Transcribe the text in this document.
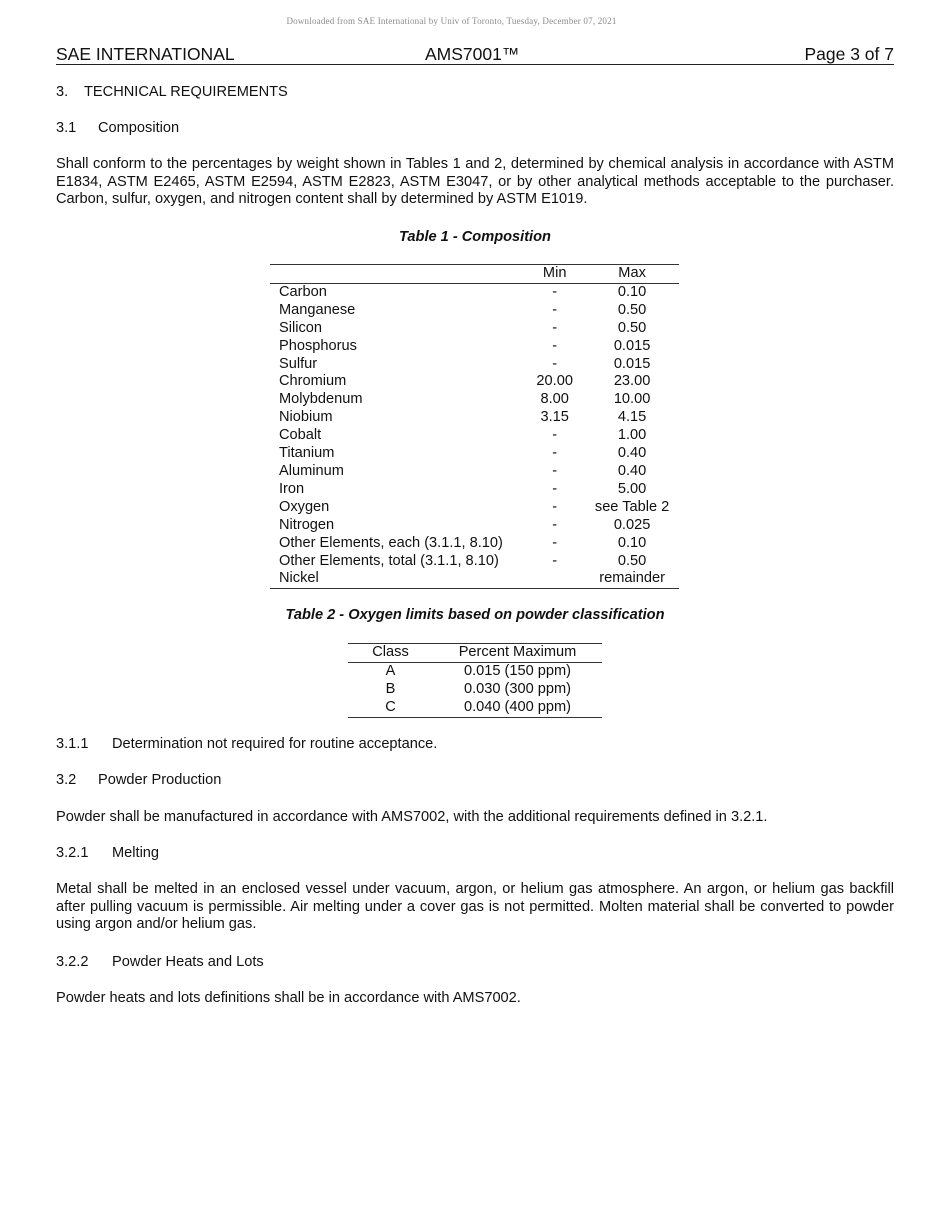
Downloaded from SAE International by Univ of Toronto, Tuesday, December 07, 2021
SAE INTERNATIONAL	AMS7001™	Page 3 of 7
3. TECHNICAL REQUIREMENTS
3.1 Composition
Shall conform to the percentages by weight shown in Tables 1 and 2, determined by chemical analysis in accordance with ASTM E1834, ASTM E2465, ASTM E2594, ASTM E2823, ASTM E3047, or by other analytical methods acceptable to the purchaser. Carbon, sulfur, oxygen, and nitrogen content shall by determined by ASTM E1019.
Table 1 - Composition
	Min	Max
Carbon	-	0.10
Manganese	-	0.50
Silicon	-	0.50
Phosphorus	-	0.015
Sulfur	-	0.015
Chromium	20.00	23.00
Molybdenum	8.00	10.00
Niobium	3.15	4.15
Cobalt	-	1.00
Titanium	-	0.40
Aluminum	-	0.40
Iron	-	5.00
Oxygen	-	see Table 2
Nitrogen	-	0.025
Other Elements, each (3.1.1, 8.10)	-	0.10
Other Elements, total (3.1.1, 8.10)	-	0.50
Nickel		remainder
Table 2 - Oxygen limits based on powder classification
Class	Percent Maximum
A	0.015 (150 ppm)
B	0.030 (300 ppm)
C	0.040 (400 ppm)
3.1.1 Determination not required for routine acceptance.
3.2 Powder Production
Powder shall be manufactured in accordance with AMS7002, with the additional requirements defined in 3.2.1.
3.2.1 Melting
Metal shall be melted in an enclosed vessel under vacuum, argon, or helium gas atmosphere. An argon, or helium gas backfill after pulling vacuum is permissible. Air melting under a cover gas is not permitted. Molten material shall be converted to powder using argon and/or helium gas.
3.2.2 Powder Heats and Lots
Powder heats and lots definitions shall be in accordance with AMS7002.
